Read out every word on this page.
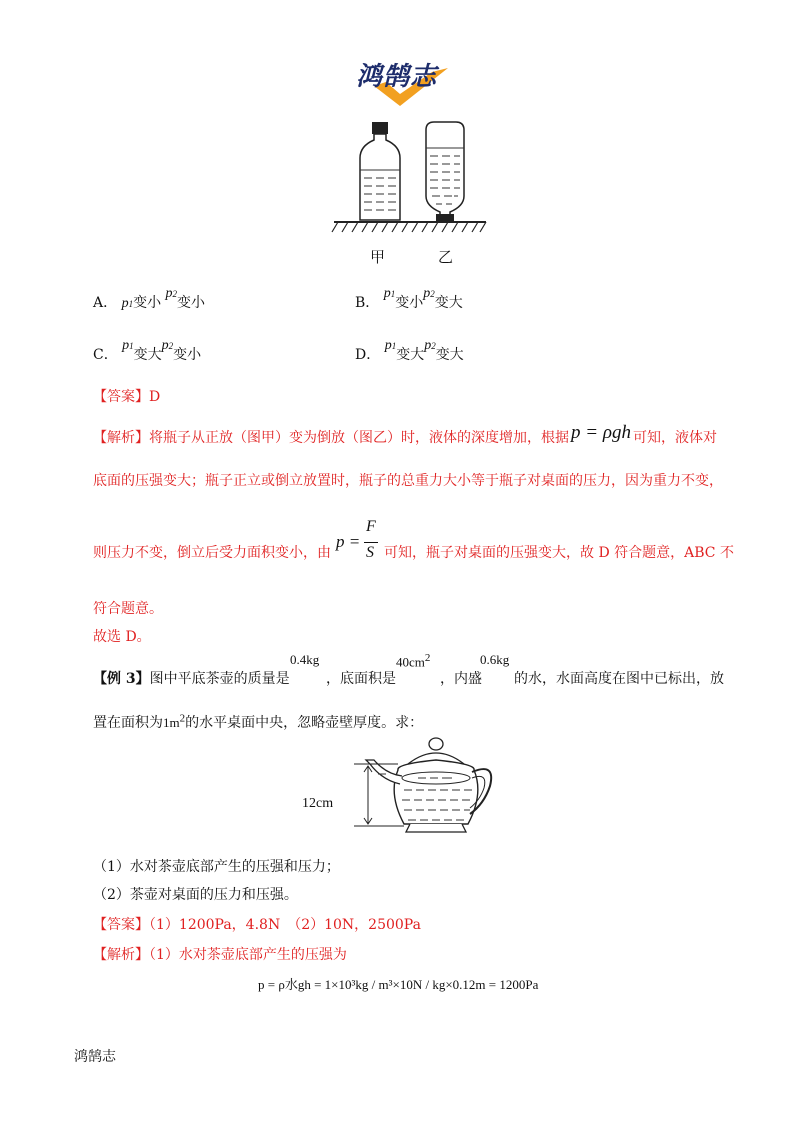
鸿鹄志
甲	乙
A． p1变小 p2变小	B． p1变小p2变大
C． p1变大p2变小	D． p1变大p2变大
【答案】D
【解析】将瓶子从正放（图甲）变为倒放（图乙）时，液体的深度增加，根据 p = ρgh 可知，液体对
底面的压强变大；瓶子正立或倒立放置时，瓶子的总重力大小等于瓶子对桌面的压力，因为重力不变，
则压力不变，倒立后受力面积变小，由
p =
F
S 可知，瓶子对桌面的压强变大，故 D 符合题意，ABC 不
符合题意。
故选 D。
【例 3】图中平底茶壶的质量是
0.4kg
，底面积是
$40cm^2$
，内盛
0.6kg
的水，水面高度在图中已标出，放
置在面积为$1m^2$的水平桌面中央，忽略壶壁厚度。求：
12cm
（1）水对茶壶底部产生的压强和压力；
（2）茶壶对桌面的压力和压强。
【答案】（1）1200Pa，4.8N　（2）10N，2500Pa
【解析】（1）水对茶壶底部产生的压强为
p = ρ水gh = 1×10³kg / m³×10N / kg×0.12m = 1200Pa
鸿鹄志
